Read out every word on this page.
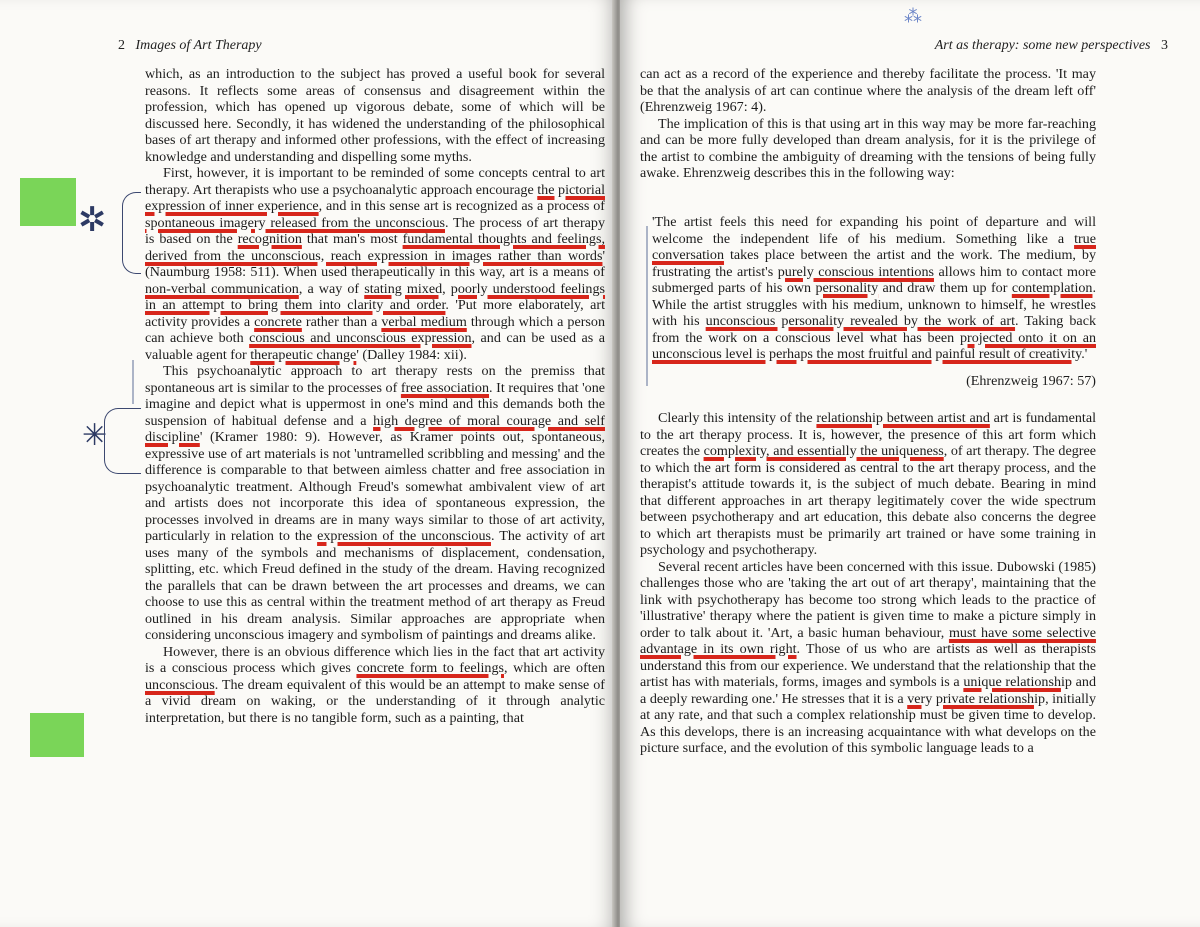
2 Images of Art Therapy

which, as an introduction to the subject has proved a useful book for several reasons. It reflects some areas of consensus and disagreement within the profession, which has opened up vigorous debate, some of which will be discussed here. Secondly, it has widened the understanding of the philosophical bases of art therapy and informed other professions, with the effect of increasing knowledge and understanding and dispelling some myths.

First, however, it is important to be reminded of some concepts central to art therapy. Art therapists who use a psychoanalytic approach encourage the pictorial expression of inner experience, and in this sense art is recognized as a process of spontaneous imagery released from the unconscious. The process of art therapy is based on the recognition that man's most fundamental thoughts and feelings, derived from the unconscious, reach expression in images rather than words' (Naumburg 1958: 511). When used therapeutically in this way, art is a means of non-verbal communication, a way of stating mixed, poorly understood feelings in an attempt to bring them into clarity and order. 'Put more elaborately, art activity provides a concrete rather than a verbal medium through which a person can achieve both conscious and unconscious expression, and can be used as a valuable agent for therapeutic change' (Dalley 1984: xii).

This psychoanalytic approach to art therapy rests on the premiss that spontaneous art is similar to the processes of free association. It requires that 'one imagine and depict what is uppermost in one's mind and this demands both the suspension of habitual defense and a high degree of moral courage and self discipline' (Kramer 1980: 9). However, as Kramer points out, spontaneous, expressive use of art materials is not 'untramelled scribbling and messing' and the difference is comparable to that between aimless chatter and free association in psychoanalytic treatment. Although Freud's somewhat ambivalent view of art and artists does not incorporate this idea of spontaneous expression, the processes involved in dreams are in many ways similar to those of art activity, particularly in relation to the expression of the unconscious. The activity of art uses many of the symbols and mechanisms of displacement, condensation, splitting, etc. which Freud defined in the study of the dream. Having recognized the parallels that can be drawn between the art processes and dreams, we can choose to use this as central within the treatment method of art therapy as Freud outlined in his dream analysis. Similar approaches are appropriate when considering unconscious imagery and symbolism of paintings and dreams alike.

However, there is an obvious difference which lies in the fact that art activity is a conscious process which gives concrete form to feelings, which are often unconscious. The dream equivalent of this would be an attempt to make sense of a vivid dream on waking, or the understanding of it through analytic interpretation, but there is no tangible form, such as a painting, that

✲
✳
Art as therapy: some new perspectives 3

can act as a record of the experience and thereby facilitate the process. 'It may be that the analysis of art can continue where the analysis of the dream left off' (Ehrenzweig 1967: 4).

The implication of this is that using art in this way may be more far-reaching and can be more fully developed than dream analysis, for it is the privilege of the artist to combine the ambiguity of dreaming with the tensions of being fully awake. Ehrenzweig describes this in the following way:

'The artist feels this need for expanding his point of departure and will welcome the independent life of his medium. Something like a true conversation takes place between the artist and the work. The medium, by frustrating the artist's purely conscious intentions allows him to contact more submerged parts of his own personality and draw them up for contemplation. While the artist struggles with his medium, unknown to himself, he wrestles with his unconscious personality revealed by the work of art. Taking back from the work on a conscious level what has been projected onto it on an unconscious level is perhaps the most fruitful and painful result of creativity.'

(Ehrenzweig 1967: 57)

Clearly this intensity of the relationship between artist and art is fundamental to the art therapy process. It is, however, the presence of this art form which creates the complexity, and essentially the uniqueness, of art therapy. The degree to which the art form is considered as central to the art therapy process, and the therapist's attitude towards it, is the subject of much debate. Bearing in mind that different approaches in art therapy legitimately cover the wide spectrum between psychotherapy and art education, this debate also concerns the degree to which art therapists must be primarily art trained or have some training in psychology and psychotherapy.

Several recent articles have been concerned with this issue. Dubowski (1985) challenges those who are 'taking the art out of art therapy', maintaining that the link with psychotherapy has become too strong which leads to the practice of 'illustrative' therapy where the patient is given time to make a picture simply in order to talk about it. 'Art, a basic human behaviour, must have some selective advantage in its own right. Those of us who are artists as well as therapists understand this from our experience. We understand that the relationship that the artist has with materials, forms, images and symbols is a unique relationship and a deeply rewarding one.' He stresses that it is a very private relationship, initially at any rate, and that such a complex relationship must be given time to develop. As this develops, there is an increasing acquaintance with what develops on the picture surface, and the evolution of this symbolic language leads to a

⁂
